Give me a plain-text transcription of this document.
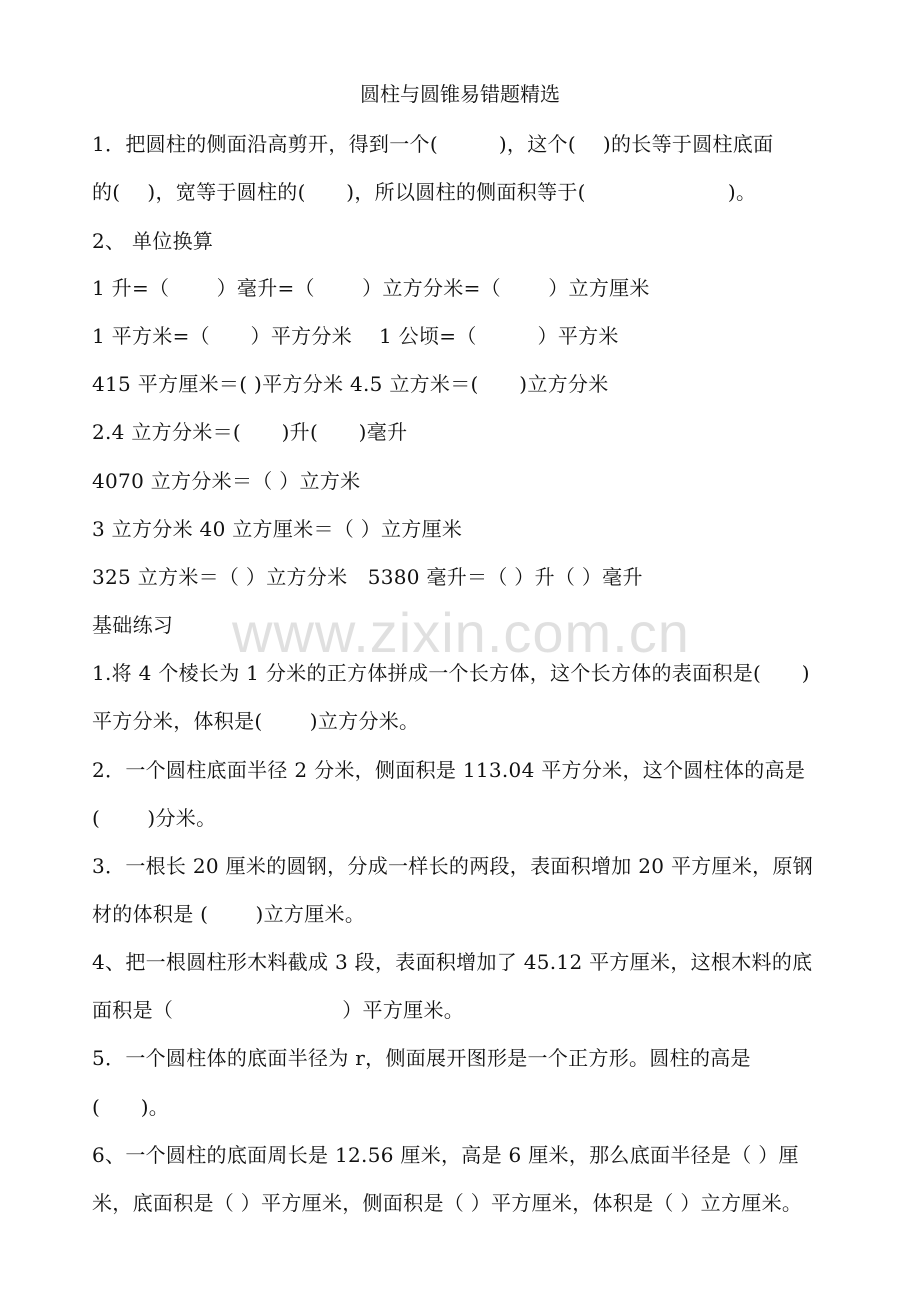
圆柱与圆锥易错题精选
1．把圆柱的侧面沿高剪开，得到一个(　　　)，这个(　 )的长等于圆柱底面
的(　 )，宽等于圆柱的(　　)，所以圆柱的侧面积等于(　　　　　　　)。
2、 单位换算
1 升=（　　 ）毫升=（　　 ）立方分米=（　　 ）立方厘米
1 平方米=（　　）平方分米　 1 公顷=（　　　）平方米
415 平方厘米＝( )平方分米 4.5 立方米＝(　　)立方分米
2.4 立方分米＝(　　)升(　　)毫升
4070 立方分米＝（ ）立方米
3 立方分米 40 立方厘米＝（ ）立方厘米
325 立方米＝（ ）立方分米　5380 毫升＝（ ）升（ ）毫升
基础练习
1.将 4 个棱长为 1 分米的正方体拼成一个长方体，这个长方体的表面积是(　　)
平方分米，体积是(　　 )立方分米。
2．一个圆柱底面半径 2 分米，侧面积是 113.04 平方分米，这个圆柱体的高是
(　　 )分米。
3．一根长 20 厘米的圆钢，分成一样长的两段，表面积增加 20 平方厘米，原钢
材的体积是 (　　 )立方厘米。
4、把一根圆柱形木料截成 3 段，表面积增加了 45.12 平方厘米，这根木料的底
面积是（　　　　　　　　 ）平方厘米。
5．一个圆柱体的底面半径为 r，侧面展开图形是一个正方形。圆柱的高是
(　　)。
6、一个圆柱的底面周长是 12.56 厘米，高是 6 厘米，那么底面半径是（ ）厘
米，底面积是（ ）平方厘米，侧面积是（ ）平方厘米，体积是（ ）立方厘米。
www.zixin.com.cn
